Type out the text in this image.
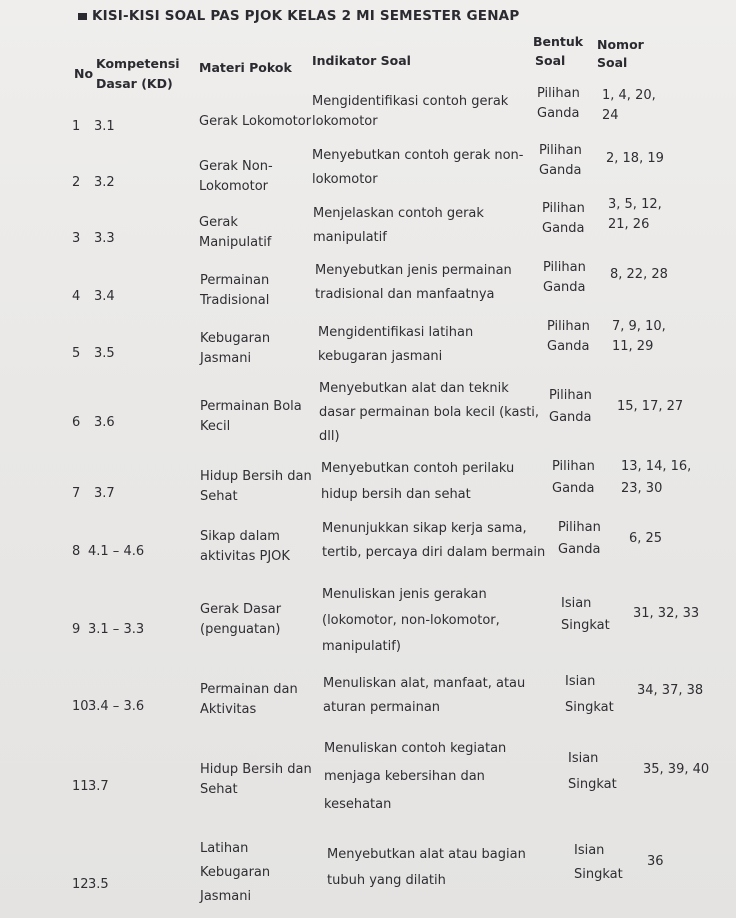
KISI-KISI SOAL PAS PJOK KELAS 2 MI SEMESTER GENAP
No
Kompetensi
Dasar (KD)
Materi Pokok Indikator Soal
Bentuk
Soal
Nomor
Soal
1 3.1	Gerak Lokomotor
Mengidentifikasi contoh gerak
lokomotor
Pilihan
Ganda
1, 4, 20,
24
2 3.2
Gerak Non-
Lokomotor
Menyebutkan contoh gerak non-
lokomotor
Pilihan
Ganda
2, 18, 19
3 3.3
Gerak
Manipulatif
Menjelaskan contoh gerak
manipulatif
Pilihan
Ganda
3, 5, 12,
21, 26
4 3.4
Permainan
Tradisional
Menyebutkan jenis permainan
tradisional dan manfaatnya
Pilihan
Ganda
8, 22, 28
5 3.5
Kebugaran
Jasmani
Mengidentifikasi latihan
kebugaran jasmani
Pilihan
Ganda
7, 9, 10,
11, 29
6 3.6
Permainan Bola
Kecil
Menyebutkan alat dan teknik
dasar permainan bola kecil (kasti,
dll)
Pilihan
Ganda
15, 17, 27
7 3.7
Hidup Bersih dan
Sehat
Menyebutkan contoh perilaku
hidup bersih dan sehat
Pilihan
Ganda
13, 14, 16,
23, 30
8 4.1 – 4.6
Sikap dalam
aktivitas PJOK
Menunjukkan sikap kerja sama,
tertib, percaya diri dalam bermain
Pilihan
Ganda
6, 25
9 3.1 – 3.3
Gerak Dasar
(penguatan)
Menuliskan jenis gerakan
(lokomotor, non-lokomotor,
manipulatif)
Isian
Singkat
31, 32, 33
10 3.4 – 3.6
Permainan dan
Aktivitas
Menuliskan alat, manfaat, atau
aturan permainan
Isian
Singkat
34, 37, 38
11 3.7
Hidup Bersih dan
Sehat
Menuliskan contoh kegiatan
menjaga kebersihan dan
kesehatan
Isian
Singkat
35, 39, 40
12 3.5
Latihan
Kebugaran
Jasmani
Menyebutkan alat atau bagian
tubuh yang dilatih
Isian
Singkat
36
